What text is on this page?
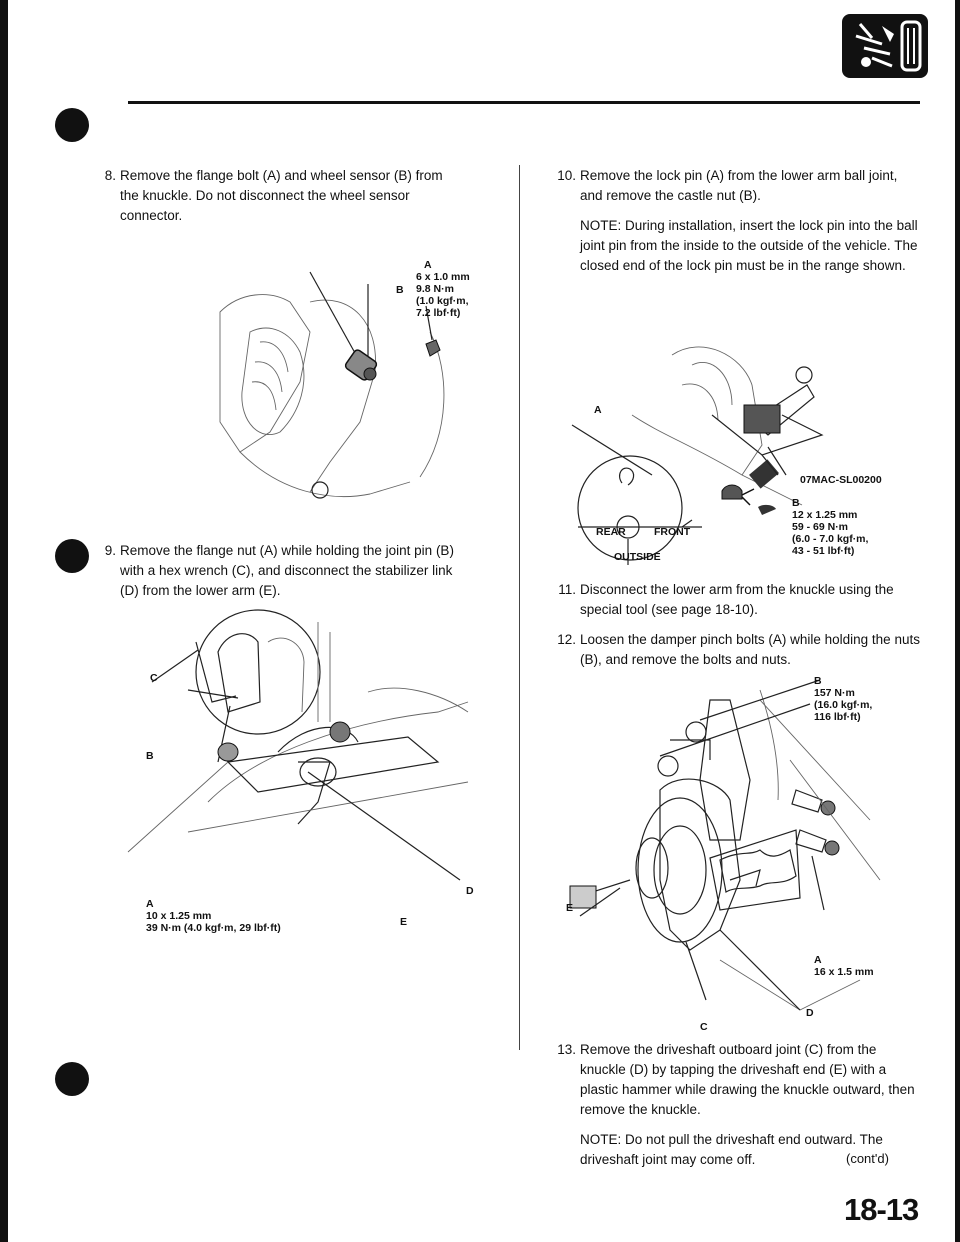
8. Remove the flange bolt (A) and wheel sensor (B) from the knuckle. Do not disconnect the wheel sensor connector.

A
6 x 1.0 mm
9.8 N·m
(1.0 kgf·m,
7.2 lbf·ft)
B
9. Remove the flange nut (A) while holding the joint pin (B) with a hex wrench (C), and disconnect the stabilizer link (D) from the lower arm (E).

C
B
D
A
10 x 1.25 mm
39 N·m (4.0 kgf·m, 29 lbf·ft)	E
10. Remove the lock pin (A) from the lower arm ball joint, and remove the castle nut (B).

NOTE: During installation, insert the lock pin into the ball joint pin from the inside to the outside of the vehicle. The closed end of the lock pin must be in the range shown.

A
07MAC-SL00200
B
12 x 1.25 mm
59 - 69 N·m
(6.0 - 7.0 kgf·m,
43 - 51 lbf·ft)
REAR	FRONT
OUTSIDE
11. Disconnect the lower arm from the knuckle using the special tool (see page 18-10).

12. Loosen the damper pinch bolts (A) while holding the nuts (B), and remove the bolts and nuts.

B
157 N·m
(16.0 kgf·m,
116 lbf·ft)
E
A
16 x 1.5 mm
D
C
13. Remove the driveshaft outboard joint (C) from the knuckle (D) by tapping the driveshaft end (E) with a plastic hammer while drawing the knuckle outward, then remove the knuckle.

NOTE: Do not pull the driveshaft end outward. The driveshaft joint may come off.	(cont'd)
18-13
